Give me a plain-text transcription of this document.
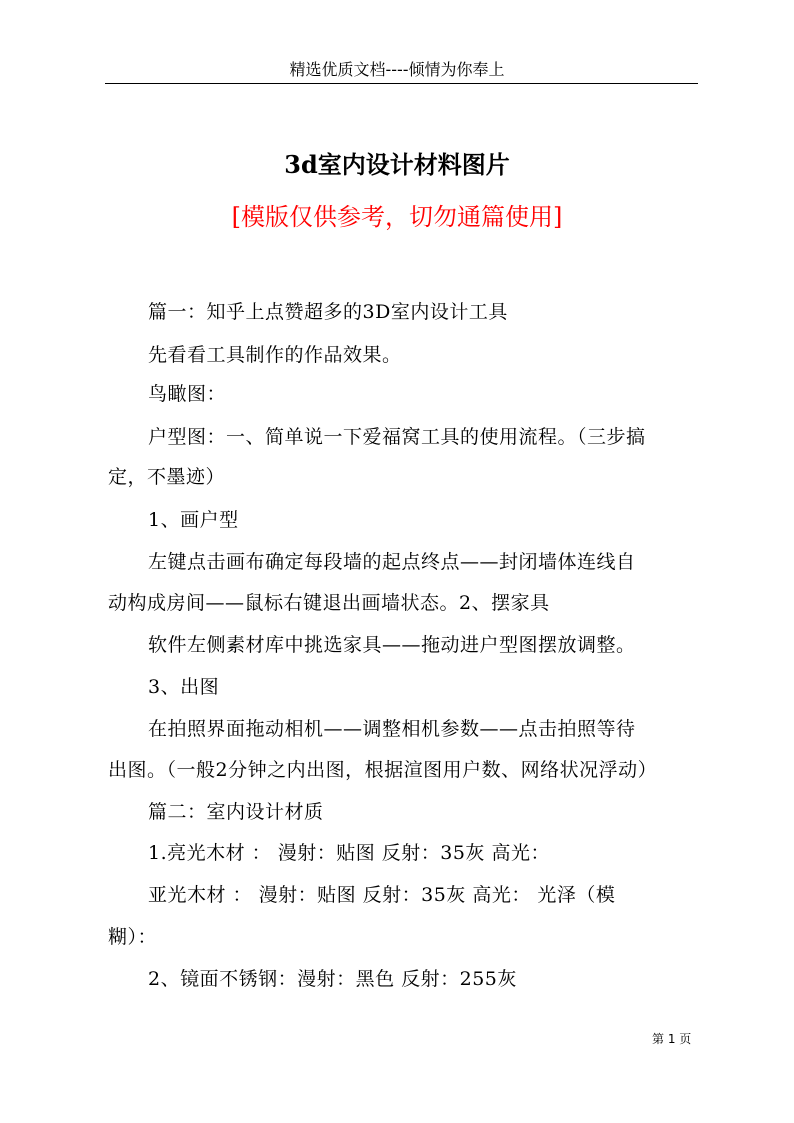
精选优质文档----倾情为你奉上
3d室内设计材料图片
[模版仅供参考，切勿通篇使用]
篇一：知乎上点赞超多的3D室内设计工具
先看看工具制作的作品效果。
鸟瞰图：
户型图：一、简单说一下爱福窝工具的使用流程。（三步搞
定，不墨迹）
1、画户型
左键点击画布确定每段墙的起点终点——封闭墙体连线自
动构成房间——鼠标右键退出画墙状态。2、摆家具
软件左侧素材库中挑选家具——拖动进户型图摆放调整。
3、出图
在拍照界面拖动相机——调整相机参数——点击拍照等待
出图。（一般2分钟之内出图，根据渲图用户数、网络状况浮动）
篇二：室内设计材质
1.亮光木材 ： 漫射：贴图 反射：35灰 高光：
亚光木材 ： 漫射：贴图 反射：35灰 高光： 光泽（模
糊）：
2、镜面不锈钢：漫射：黑色 反射：255灰
第 1 页
